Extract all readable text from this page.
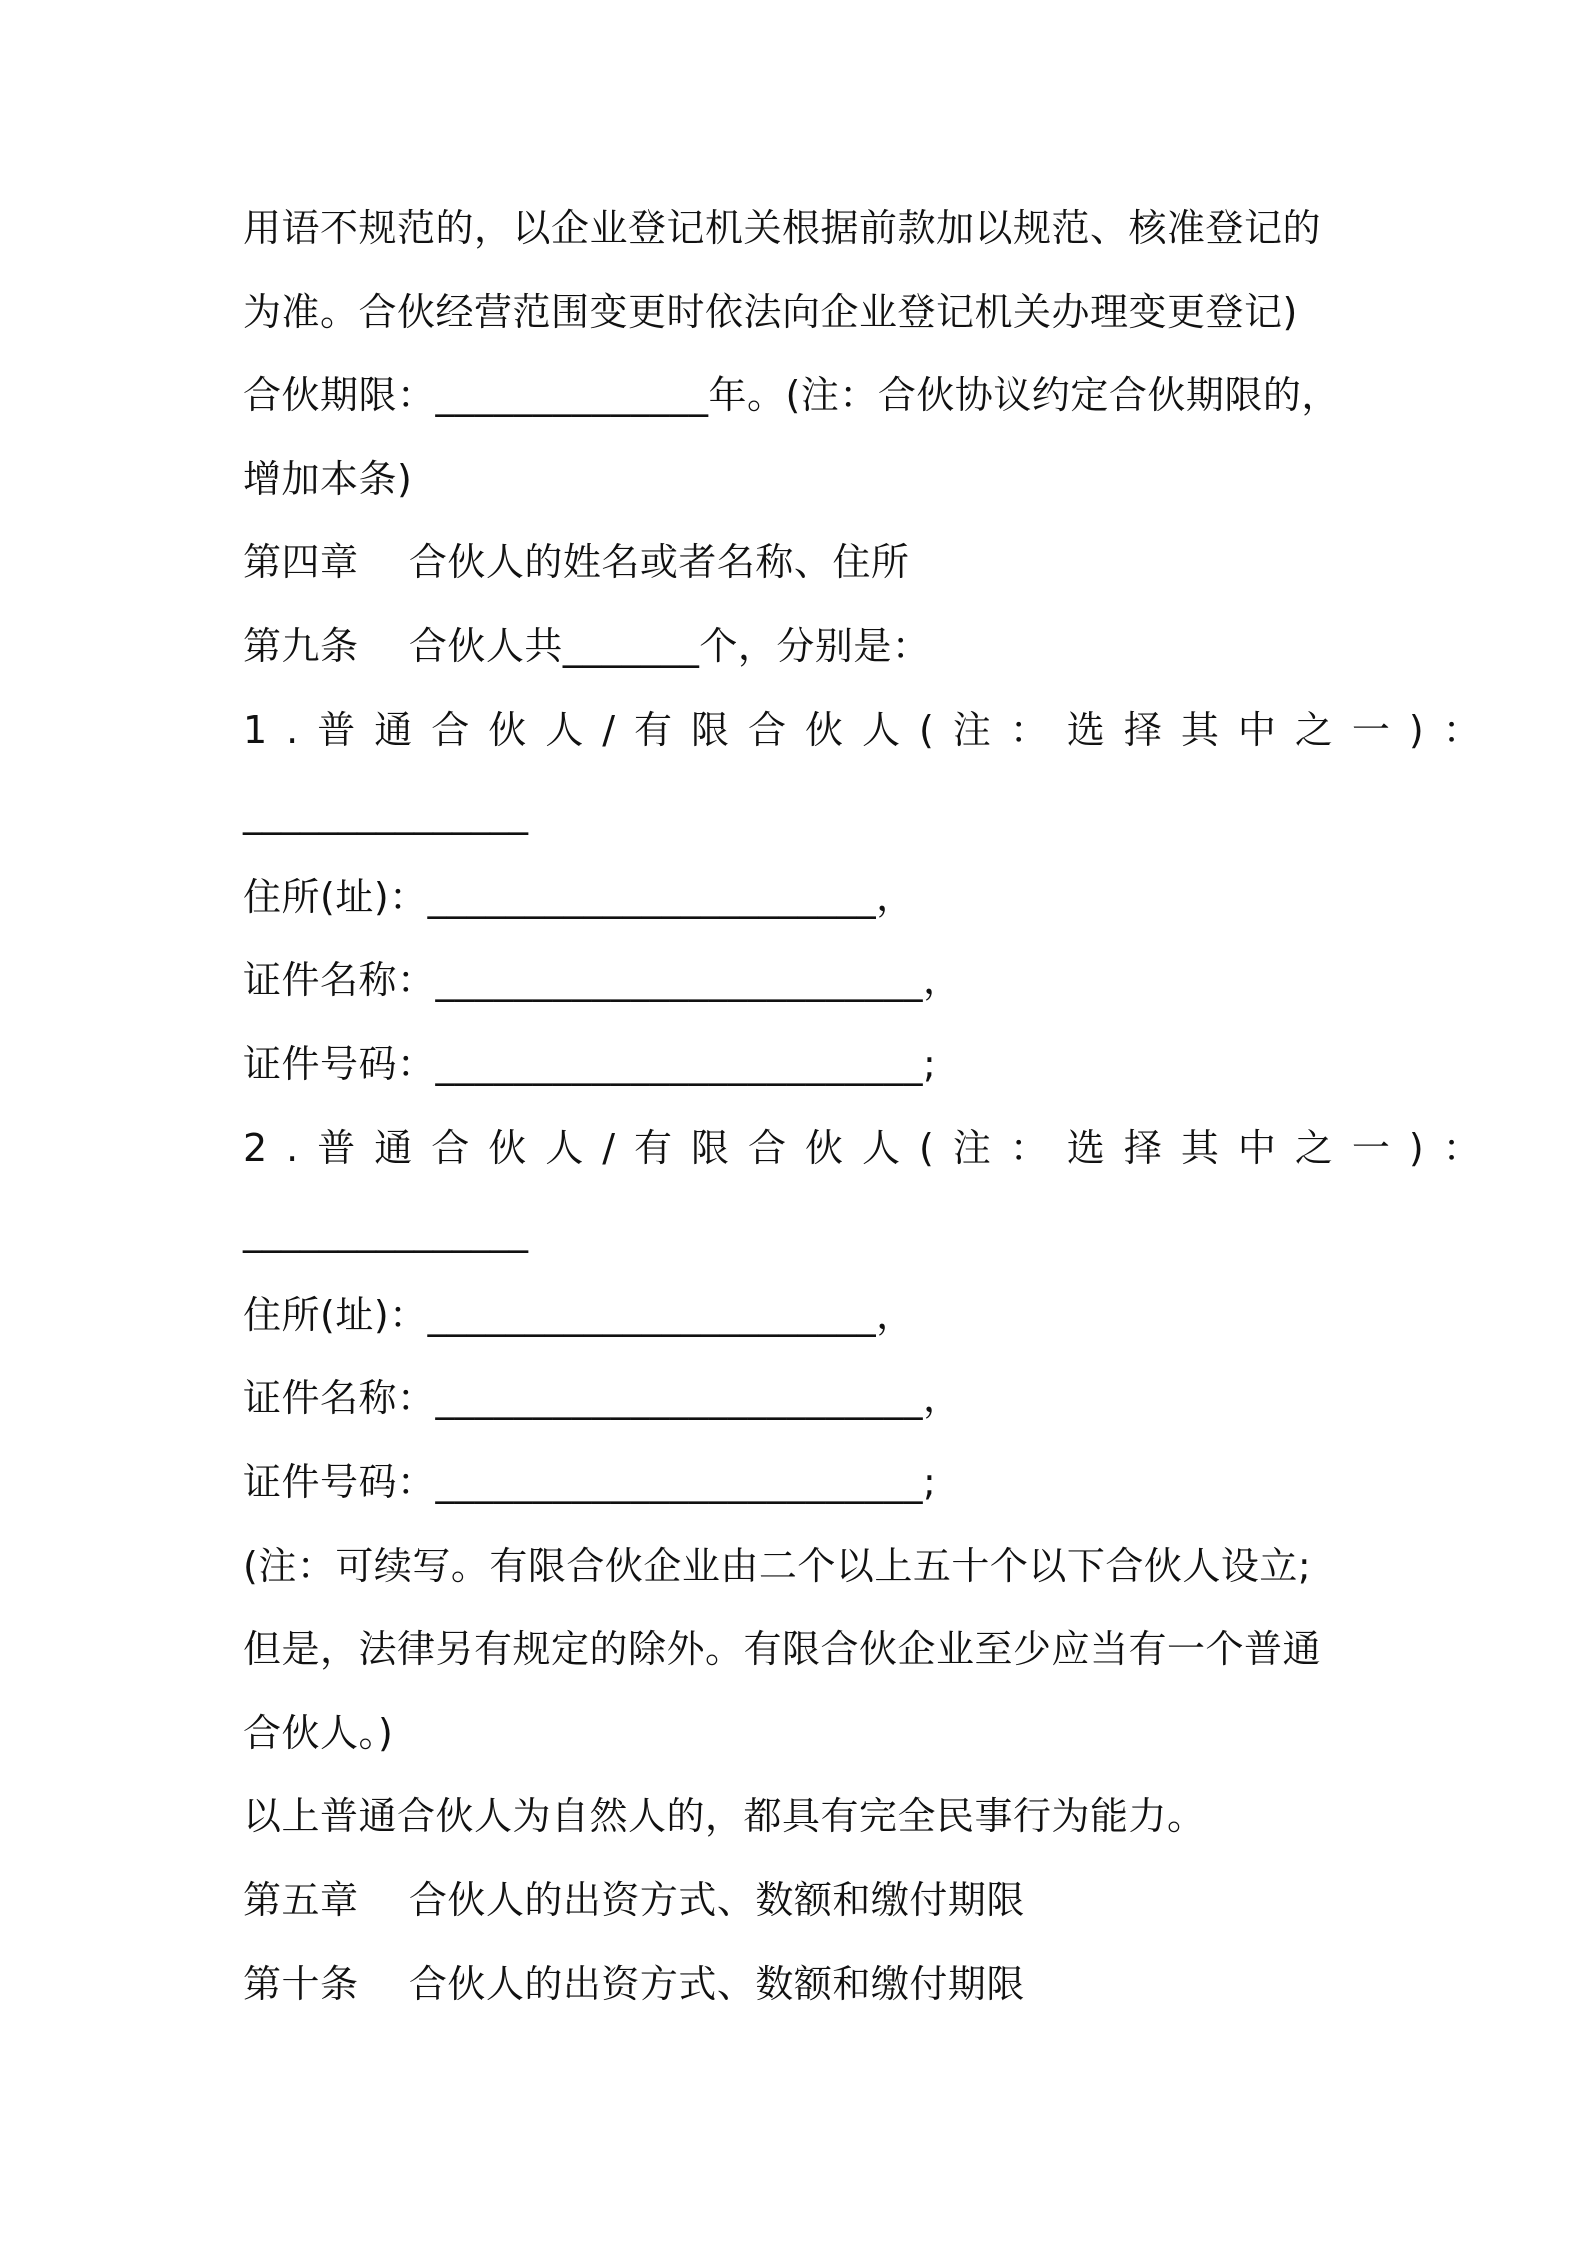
用语不规范的，以企业登记机关根据前款加以规范、核准登记的
为准。合伙经营范围变更时依法向企业登记机关办理变更登记)
合伙期限：______________年。(注：合伙协议约定合伙期限的，
增加本条)
第四章    合伙人的姓名或者名称、住所
第九条    合伙人共_______个，分别是：
1.普通合伙人/有限合伙人(注：选择其中之一)：
_______________
住所(址)：_______________________，
证件名称：_________________________，
证件号码：_________________________;
2.普通合伙人/有限合伙人(注：选择其中之一)：
_______________
住所(址)：_______________________，
证件名称：_________________________，
证件号码：_________________________;
(注：可续写。有限合伙企业由二个以上五十个以下合伙人设立;
但是，法律另有规定的除外。有限合伙企业至少应当有一个普通
合伙人。)
以上普通合伙人为自然人的，都具有完全民事行为能力。
第五章    合伙人的出资方式、数额和缴付期限
第十条    合伙人的出资方式、数额和缴付期限
